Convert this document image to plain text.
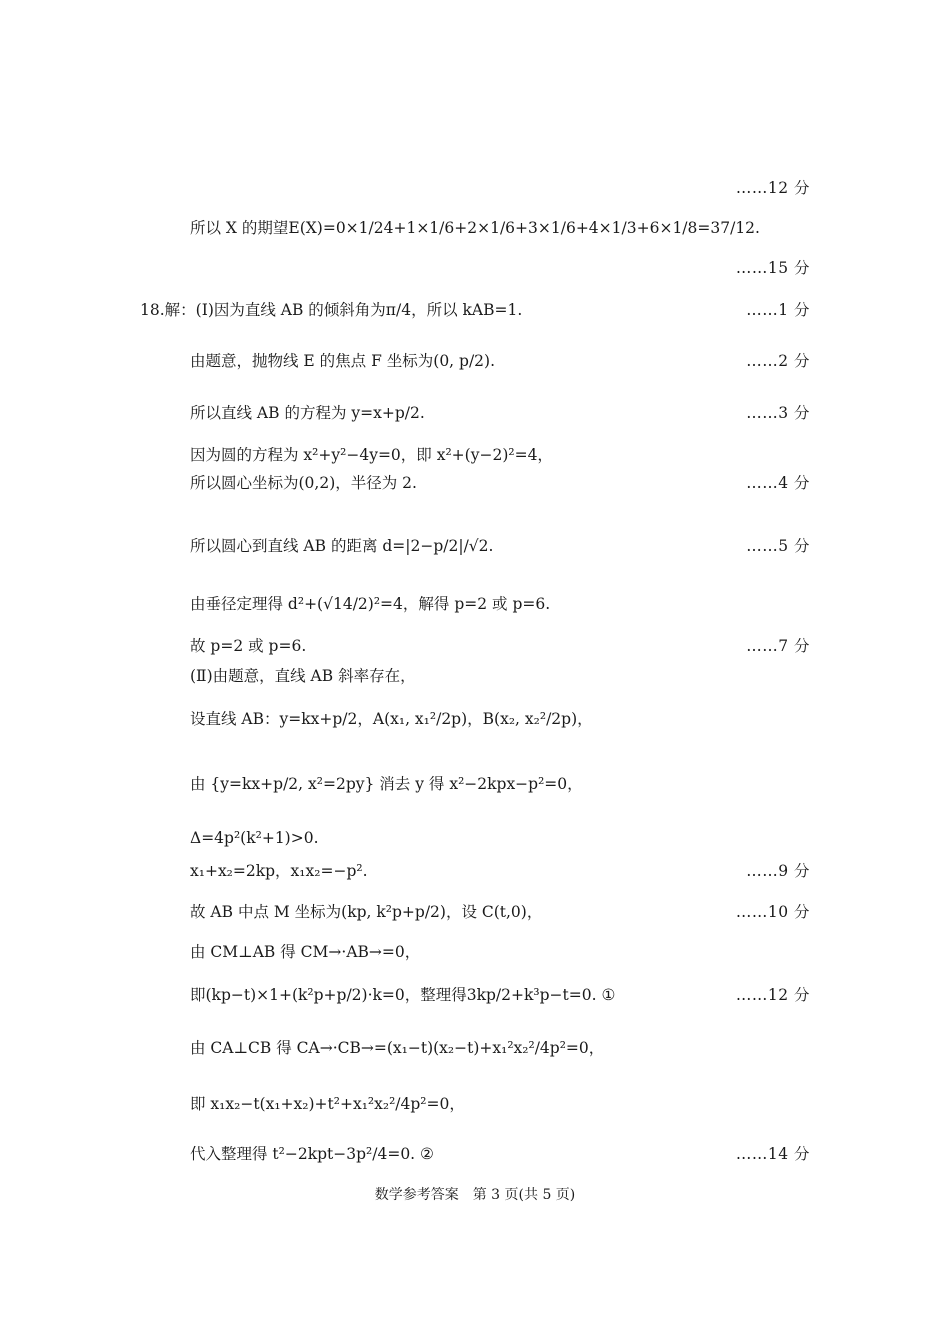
……12 分
所以 X 的期望E(X)=0×1/24+1×1/6+2×1/6+3×1/6+4×1/3+6×1/8=37/12.
……15 分
18.解：(Ⅰ)因为直线 AB 的倾斜角为π/4，所以 kAB=1.	……1 分
由题意，抛物线 E 的焦点 F 坐标为(0, p/2).	……2 分
所以直线 AB 的方程为 y=x+p/2.	……3 分
因为圆的方程为 x²+y²−4y=0，即 x²+(y−2)²=4，
所以圆心坐标为(0,2)，半径为 2.	……4 分
所以圆心到直线 AB 的距离 d=|2−p/2|/√2.	……5 分
由垂径定理得 d²+(√14/2)²=4，解得 p=2 或 p=6.
故 p=2 或 p=6.	……7 分
(Ⅱ)由题意，直线 AB 斜率存在，
设直线 AB：y=kx+p/2，A(x₁, x₁²/2p)，B(x₂, x₂²/2p)，
由 {y=kx+p/2, x²=2py} 消去 y 得 x²−2kpx−p²=0，
Δ=4p²(k²+1)>0.
x₁+x₂=2kp，x₁x₂=−p².	……9 分
故 AB 中点 M 坐标为(kp, k²p+p/2)，设 C(t,0)，	……10 分
由 CM⊥AB 得 CM→·AB→=0，
即(kp−t)×1+(k²p+p/2)·k=0，整理得3kp/2+k³p−t=0. ①	……12 分
由 CA⊥CB 得 CA→·CB→=(x₁−t)(x₂−t)+x₁²x₂²/4p²=0，
即 x₁x₂−t(x₁+x₂)+t²+x₁²x₂²/4p²=0，
代入整理得 t²−2kpt−3p²/4=0. ②	……14 分
数学参考答案　第 3 页(共 5 页)
